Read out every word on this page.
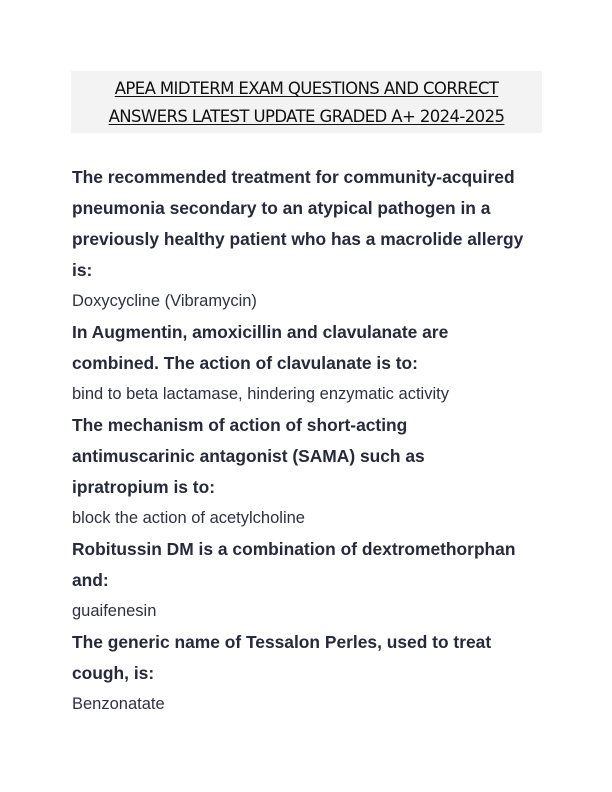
APEA MIDTERM EXAM QUESTIONS AND CORRECT
ANSWERS LATEST UPDATE GRADED A+ 2024-2025

The recommended treatment for community-acquired
pneumonia secondary to an atypical pathogen in a
previously healthy patient who has a macrolide allergy
is:

Doxycycline (Vibramycin)

In Augmentin, amoxicillin and clavulanate are
combined. The action of clavulanate is to:

bind to beta lactamase, hindering enzymatic activity

The mechanism of action of short-acting
antimuscarinic antagonist (SAMA) such as
ipratropium is to:

block the action of acetylcholine

Robitussin DM is a combination of dextromethorphan
and:

guaifenesin

The generic name of Tessalon Perles, used to treat
cough, is:

Benzonatate
